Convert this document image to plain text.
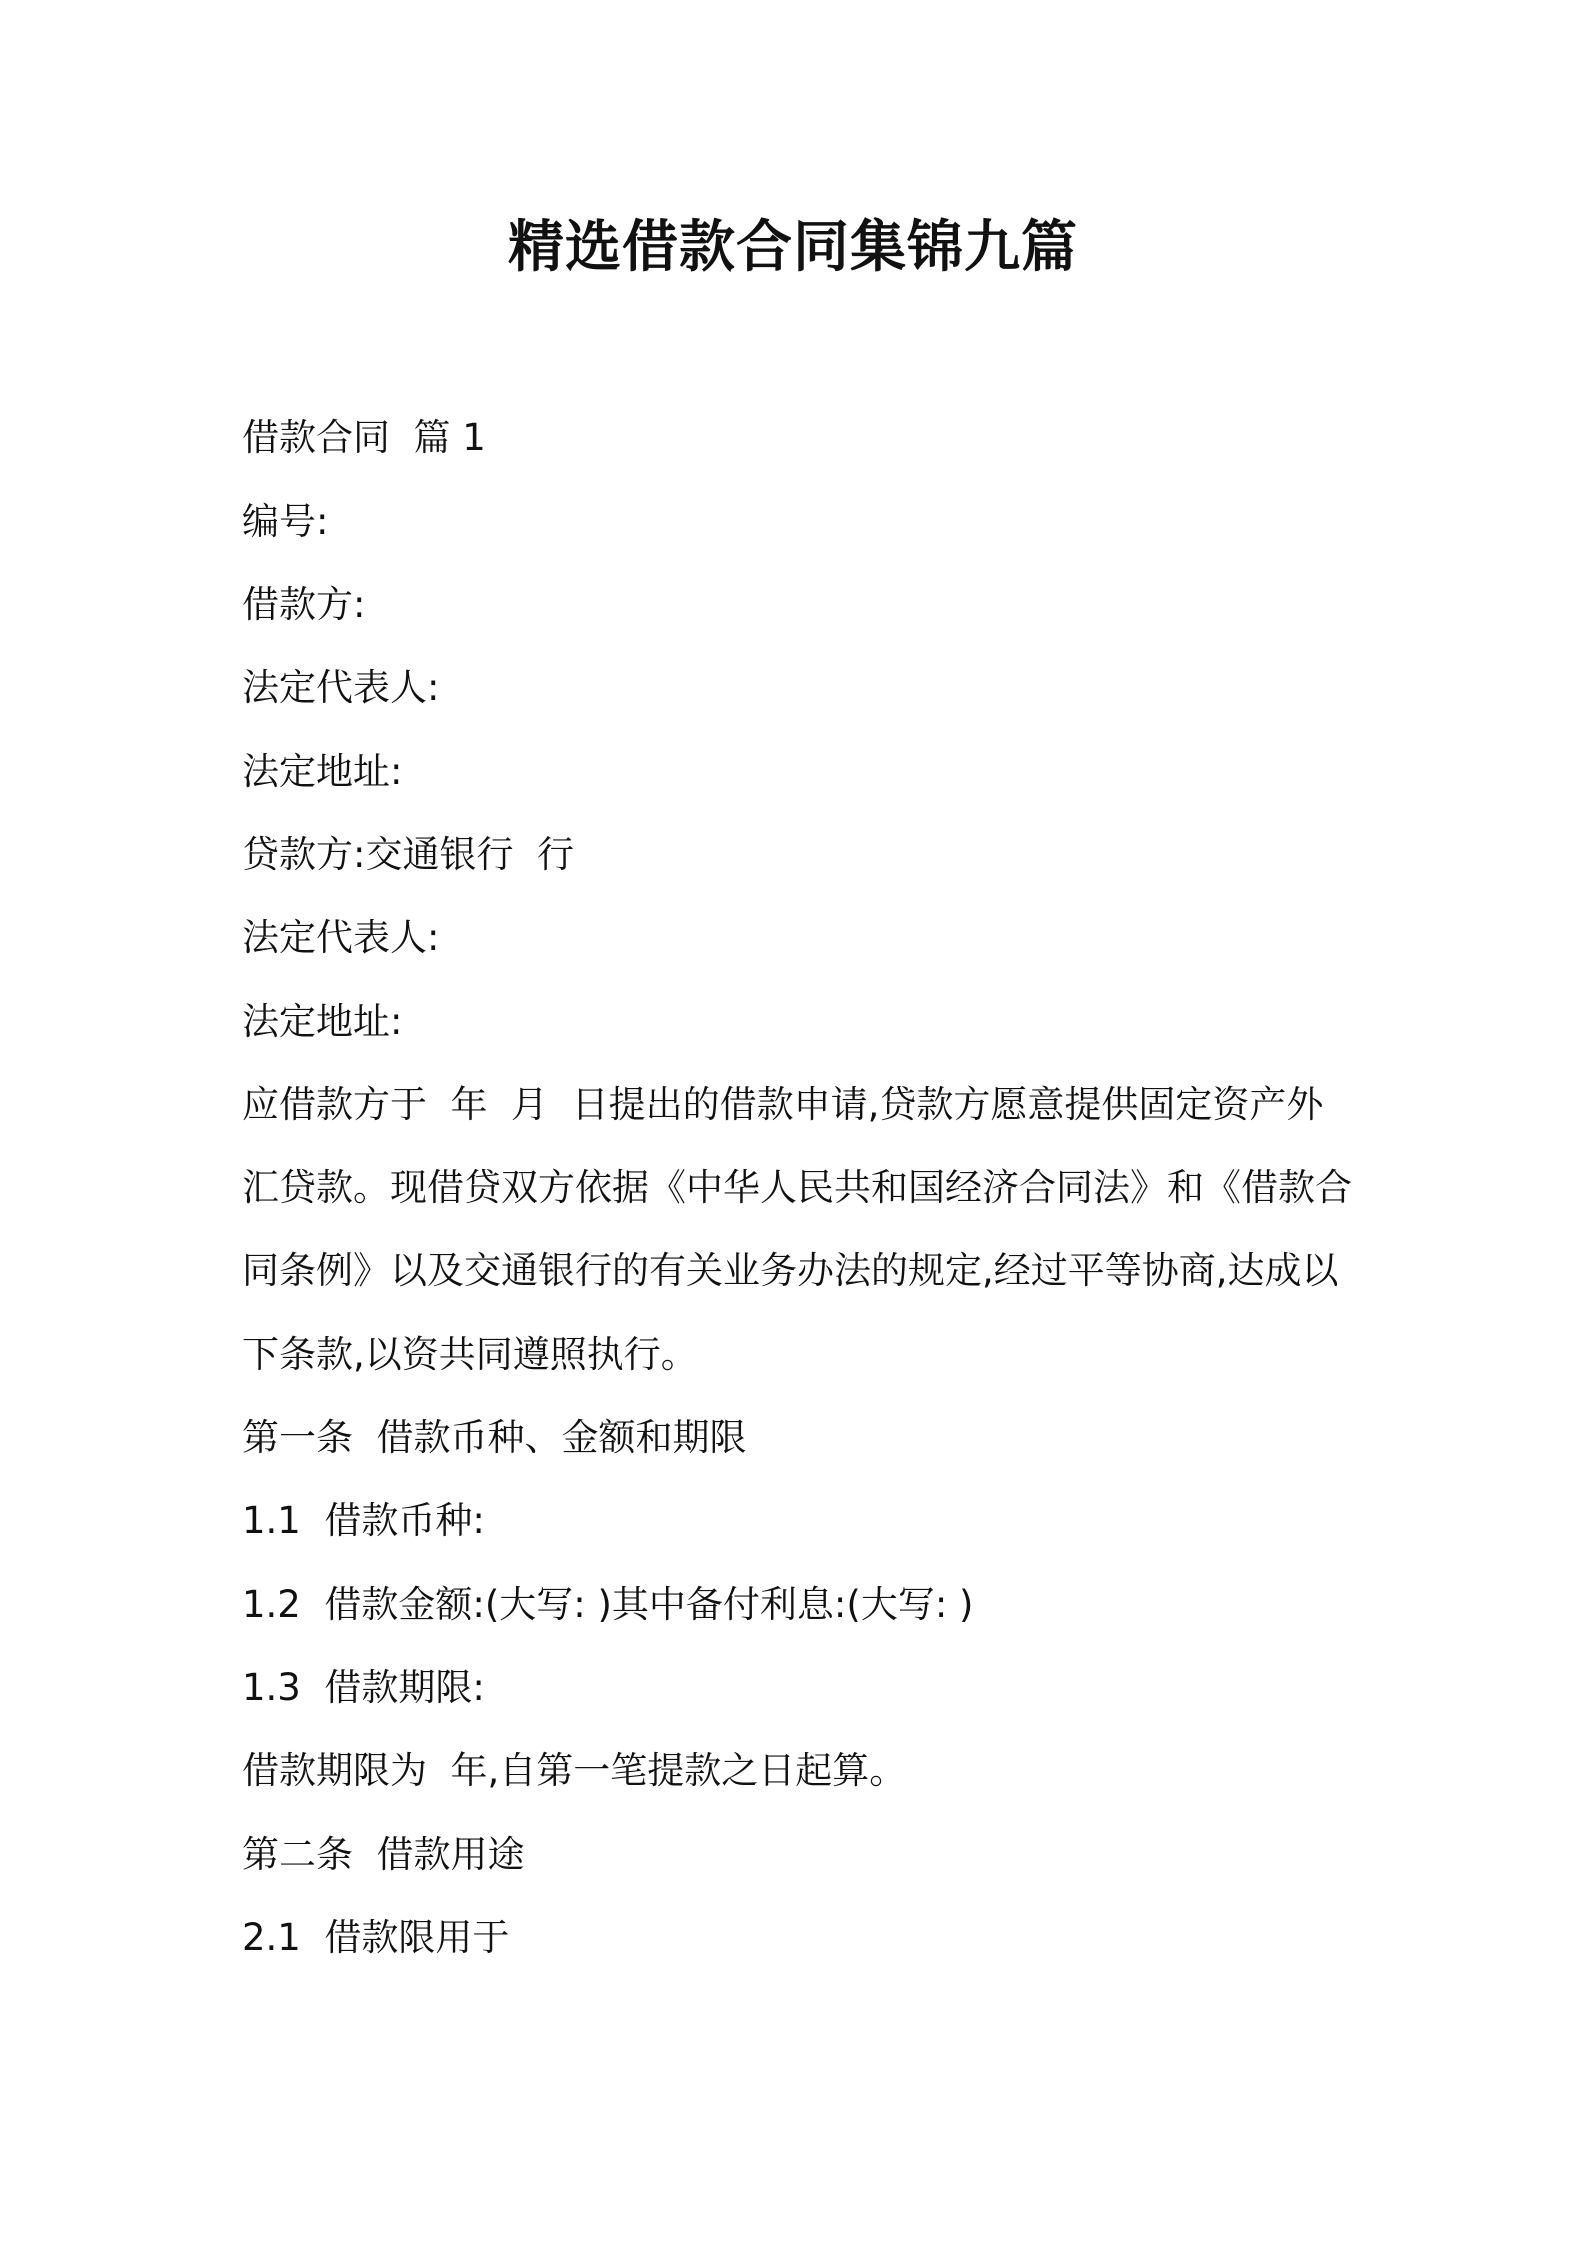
精选借款合同集锦九篇
借款合同  篇 1
编号:
借款方:
法定代表人:
法定地址:
贷款方:交通银行  行
法定代表人:
法定地址:
应借款方于  年  月  日提出的借款申请,贷款方愿意提供固定资产外
汇贷款。现借贷双方依据《中华人民共和国经济合同法》和《借款合
同条例》以及交通银行的有关业务办法的规定,经过平等协商,达成以
下条款,以资共同遵照执行。
第一条  借款币种、金额和期限
1.1  借款币种:
1.2  借款金额:(大写: )其中备付利息:(大写: )
1.3  借款期限:
借款期限为  年,自第一笔提款之日起算。
第二条  借款用途
2.1  借款限用于
